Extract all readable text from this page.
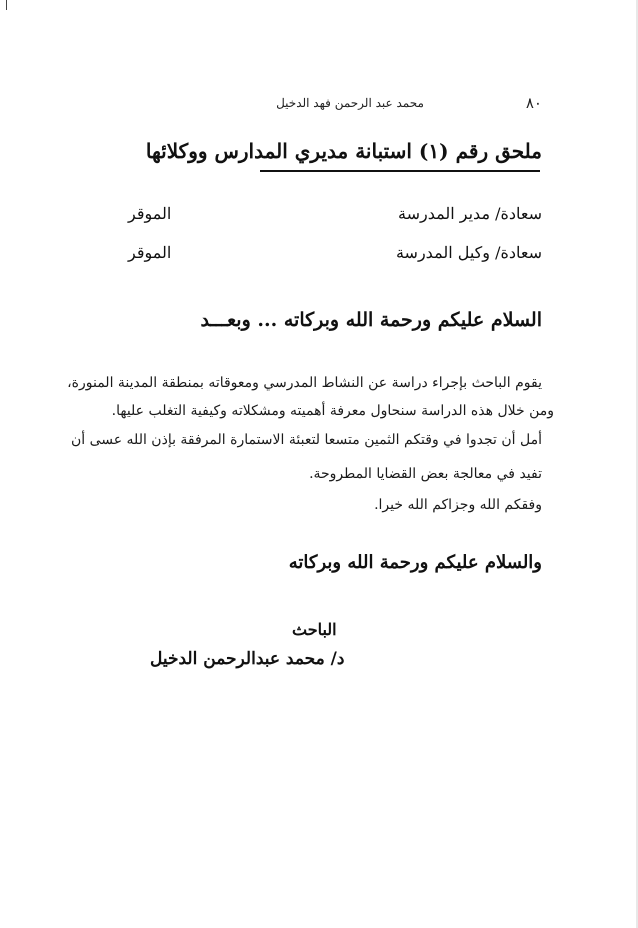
محمد عبد الرحمن فهد الدخيل	٨٠
ملحق رقم (١) استبانة مديري المدارس ووكلائها
سعادة/ مدير المدرسة
الموقر
سعادة/ وكيل المدرسة
الموقر
السلام عليكم ورحمة الله وبركاته ... وبعـــد
يقوم الباحث بإجراء دراسة عن النشاط المدرسي ومعوقاته بمنطقة المدينة المنورة،
ومن خلال هذه الدراسة سنحاول معرفة أهميته ومشكلاته وكيفية التغلب عليها.
أمل أن تجدوا في وقتكم الثمين متسعا لتعبئة الاستمارة المرفقة بإذن الله عسى أن
تفيد في معالجة بعض القضايا المطروحة.
وفقكم الله وجزاكم الله خيرا.
والسلام عليكم ورحمة الله وبركاته
الباحث
د/ محمد عبدالرحمن الدخيل
